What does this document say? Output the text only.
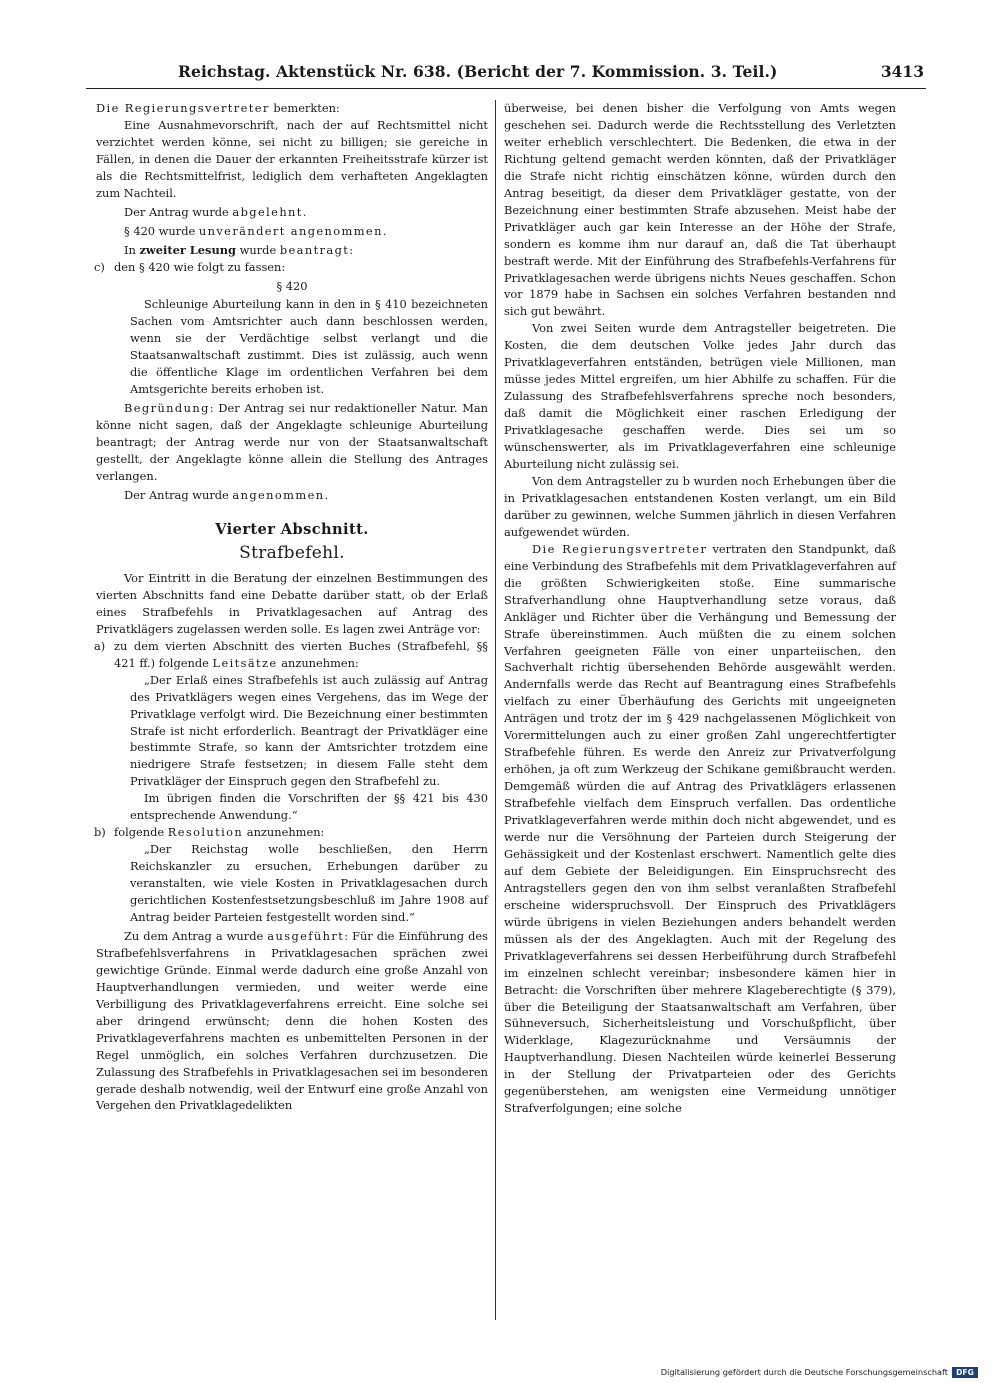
Reichstag. Aktenstück Nr. 638. (Bericht der 7. Kommission. 3. Teil.)	3413

Die Regierungsvertreter bemerkten:

Eine Ausnahmevorschrift, nach der auf Rechtsmittel nicht verzichtet werden könne, sei nicht zu billigen; sie gereiche in Fällen, in denen die Dauer der erkannten Freiheitsstrafe kürzer ist als die Rechtsmittelfrist, lediglich dem verhafteten Angeklagten zum Nachteil.

Der Antrag wurde abgelehnt.

§ 420 wurde unverändert angenommen.

In zweiter Lesung wurde beantragt:

c) den § 420 wie folgt zu fassen:

§ 420

Schleunige Aburteilung kann in den in § 410 bezeichneten Sachen vom Amtsrichter auch dann beschlossen werden, wenn sie der Verdächtige selbst verlangt und die Staatsanwaltschaft zustimmt. Dies ist zulässig, auch wenn die öffentliche Klage im ordentlichen Verfahren bei dem Amtsgerichte bereits erhoben ist.

Begründung: Der Antrag sei nur redaktioneller Natur. Man könne nicht sagen, daß der Angeklagte schleunige Aburteilung beantragt; der Antrag werde nur von der Staatsanwaltschaft gestellt, der Angeklagte könne allein die Stellung des Antrages verlangen.

Der Antrag wurde angenommen.

Vierter Abschnitt.
Strafbefehl.

Vor Eintritt in die Beratung der einzelnen Bestimmungen des vierten Abschnitts fand eine Debatte darüber statt, ob der Erlaß eines Strafbefehls in Privatklagesachen auf Antrag des Privatklägers zugelassen werden solle. Es lagen zwei Anträge vor:

a) zu dem vierten Abschnitt des vierten Buches (Strafbefehl, §§ 421 ff.) folgende Leitsätze anzunehmen:

„Der Erlaß eines Strafbefehls ist auch zulässig auf Antrag des Privatklägers wegen eines Vergehens, das im Wege der Privatklage verfolgt wird. Die Bezeichnung einer bestimmten Strafe ist nicht erforderlich. Beantragt der Privatkläger eine bestimmte Strafe, so kann der Amtsrichter trotzdem eine niedrigere Strafe festsetzen; in diesem Falle steht dem Privatkläger der Einspruch gegen den Strafbefehl zu.

Im übrigen finden die Vorschriften der §§ 421 bis 430 entsprechende Anwendung.“

b) folgende Resolution anzunehmen:

„Der Reichstag wolle beschließen, den Herrn Reichskanzler zu ersuchen, Erhebungen darüber zu veranstalten, wie viele Kosten in Privatklagesachen durch gerichtlichen Kostenfestsetzungsbeschluß im Jahre 1908 auf Antrag beider Parteien festgestellt worden sind.“

Zu dem Antrag a wurde ausgeführt: Für die Einführung des Strafbefehlsverfahrens in Privatklagesachen sprächen zwei gewichtige Gründe. Einmal werde dadurch eine große Anzahl von Hauptverhandlungen vermieden, und weiter werde eine Verbilligung des Privatklageverfahrens erreicht. Eine solche sei aber dringend erwünscht; denn die hohen Kosten des Privatklageverfahrens machten es unbemittelten Personen in der Regel unmöglich, ein solches Verfahren durchzusetzen. Die Zulassung des Strafbefehls in Privatklagesachen sei im besonderen gerade deshalb notwendig, weil der Entwurf eine große Anzahl von Vergehen den Privatklagedelikten

überweise, bei denen bisher die Verfolgung von Amts wegen geschehen sei. Dadurch werde die Rechtsstellung des Verletzten weiter erheblich verschlechtert. Die Bedenken, die etwa in der Richtung geltend gemacht werden könnten, daß der Privatkläger die Strafe nicht richtig einschätzen könne, würden durch den Antrag beseitigt, da dieser dem Privatkläger gestatte, von der Bezeichnung einer bestimmten Strafe abzusehen. Meist habe der Privatkläger auch gar kein Interesse an der Höhe der Strafe, sondern es komme ihm nur darauf an, daß die Tat überhaupt bestraft werde. Mit der Einführung des Strafbefehls-Verfahrens für Privatklagesachen werde übrigens nichts Neues geschaffen. Schon vor 1879 habe in Sachsen ein solches Verfahren bestanden nnd sich gut bewährt.

Von zwei Seiten wurde dem Antragsteller beigetreten. Die Kosten, die dem deutschen Volke jedes Jahr durch das Privatklageverfahren entständen, betrügen viele Millionen, man müsse jedes Mittel ergreifen, um hier Abhilfe zu schaffen. Für die Zulassung des Strafbefehlsverfahrens spreche noch besonders, daß damit die Möglichkeit einer raschen Erledigung der Privatklagesache geschaffen werde. Dies sei um so wünschenswerter, als im Privatklageverfahren eine schleunige Aburteilung nicht zulässig sei.

Von dem Antragsteller zu b wurden noch Erhebungen über die in Privatklagesachen entstandenen Kosten verlangt, um ein Bild darüber zu gewinnen, welche Summen jährlich in diesen Verfahren aufgewendet würden.

Die Regierungsvertreter vertraten den Standpunkt, daß eine Verbindung des Strafbefehls mit dem Privatklageverfahren auf die größten Schwierigkeiten stoße. Eine summarische Strafverhandlung ohne Hauptverhandlung setze voraus, daß Ankläger und Richter über die Verhängung und Bemessung der Strafe übereinstimmen. Auch müßten die zu einem solchen Verfahren geeigneten Fälle von einer unparteiischen, den Sachverhalt richtig übersehenden Behörde ausgewählt werden. Andernfalls werde das Recht auf Beantragung eines Strafbefehls vielfach zu einer Überhäufung des Gerichts mit ungeeigneten Anträgen und trotz der im § 429 nachgelassenen Möglichkeit von Vorermittelungen auch zu einer großen Zahl ungerechtfertigter Strafbefehle führen. Es werde den Anreiz zur Privatverfolgung erhöhen, ja oft zum Werkzeug der Schikane gemißbraucht werden. Demgemäß würden die auf Antrag des Privatklägers erlassenen Strafbefehle vielfach dem Einspruch verfallen. Das ordentliche Privatklageverfahren werde mithin doch nicht abgewendet, und es werde nur die Versöhnung der Parteien durch Steigerung der Gehässigkeit und der Kostenlast erschwert. Namentlich gelte dies auf dem Gebiete der Beleidigungen. Ein Einspruchsrecht des Antragstellers gegen den von ihm selbst veranlaßten Strafbefehl erscheine widerspruchsvoll. Der Einspruch des Privatklägers würde übrigens in vielen Beziehungen anders behandelt werden müssen als der des Angeklagten. Auch mit der Regelung des Privatklageverfahrens sei dessen Herbeiführung durch Strafbefehl im einzelnen schlecht vereinbar; insbesondere kämen hier in Betracht: die Vorschriften über mehrere Klageberechtigte (§ 379), über die Beteiligung der Staatsanwaltschaft am Verfahren, über Sühneversuch, Sicherheitsleistung und Vorschußpflicht, über Widerklage, Klagezurücknahme und Versäumnis der Hauptverhandlung. Diesen Nachteilen würde keinerlei Besserung in der Stellung der Privatparteien oder des Gerichts gegenüberstehen, am wenigsten eine Vermeidung unnötiger Strafverfolgungen; eine solche

Digitalisierung gefördert durch die Deutsche Forschungsgemeinschaft	DFG
